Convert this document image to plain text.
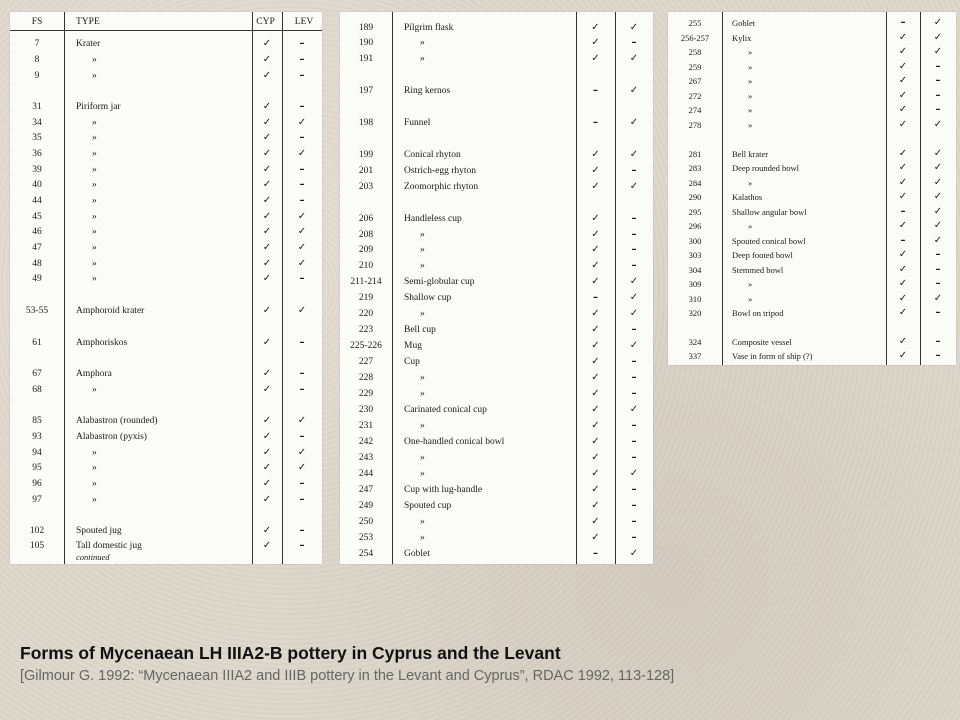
FS	TYPE	CYP	LEV
7	Krater	✓	–
8	»	✓	–
9	»	✓	–
31	Piriform jar	✓	–
34	»	✓	✓
35	»	✓	–
36	»	✓	✓
39	»	✓	–
40	»	✓	–
44	»	✓	–
45	»	✓	✓
46	»	✓	✓
47	»	✓	✓
48	»	✓	✓
49	»	✓	–
53-55	Amphoroid krater	✓	✓
61	Amphoriskos	✓	–
67	Amphora	✓	–
68	»	✓	–
85	Alabastron (rounded)	✓	✓
93	Alabastron (pyxis)	✓	–
94	»	✓	✓
95	»	✓	✓
96	»	✓	–
97	»	✓	–
102	Spouted jug	✓	–
105	Tall domestic jug	✓	–
continued
189	Pilgrim flask	✓	✓
190	»	✓	–
191	»	✓	✓
197	Ring kernos	–	✓
198	Funnel	–	✓
199	Conical rhyton	✓	✓
201	Ostrich-egg rhyton	✓	–
203	Zoomorphic rhyton	✓	✓
206	Handleless cup	✓	–
208	»	✓	–
209	»	✓	–
210	»	✓	–
211-214	Semi-globular cup	✓	✓
219	Shallow cup	–	✓
220	»	✓	✓
223	Bell cup	✓	–
225-226	Mug	✓	✓
227	Cup	✓	–
228	»	✓	–
229	»	✓	–
230	Carinated conical cup	✓	✓
231	»	✓	–
242	One-handled conical bowl	✓	–
243	»	✓	–
244	»	✓	✓
247	Cup with lug-handle	✓	–
249	Spouted cup	✓	–
250	»	✓	–
253	»	✓	–
254	Goblet	–	✓
255	Goblet	–	✓
256-257	Kylix	✓	✓
258	»	✓	✓
259	»	✓	–
267	»	✓	–
272	»	✓	–
274	»	✓	–
278	»	✓	✓
281	Bell krater	✓	✓
283	Deep rounded bowl	✓	✓
284	»	✓	✓
290	Kalathos	✓	✓
295	Shallow angular bowl	–	✓
296	»	✓	✓
300	Spouted conical bowl	–	✓
303	Deep footed bowl	✓	–
304	Stemmed bowl	✓	–
309	»	✓	–
310	»	✓	✓
320	Bowl on tripod	✓	–
324	Composite vessel	✓	–
337	Vase in form of ship (?)	✓	–
Forms of Mycenaean LH IIIA2-B pottery in Cyprus and the Levant
[Gilmour G. 1992: “Mycenaean IIIA2 and IIIB pottery in the Levant and Cyprus”, RDAC 1992, 113-128]
